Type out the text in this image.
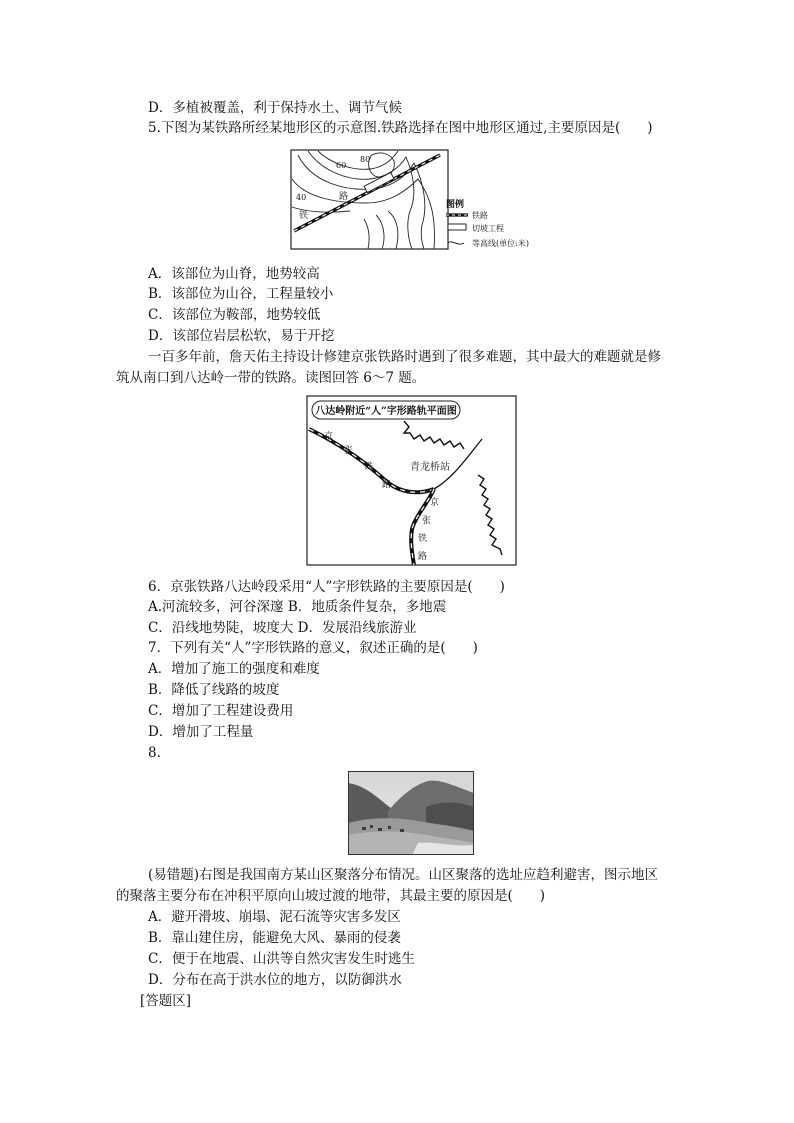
D．多植被覆盖，利于保持水土、调节气候
5.下图为某铁路所经某地形区的示意图.铁路选择在图中地形区通过,主要原因是(　　)
80
60
40
铁
路
图例
铁路
切坡工程
等高线(单位:米)
A．该部位为山脊，地势较高
B．该部位为山谷，工程量较小
C．该部位为鞍部，地势较低
D．该部位岩层松软，易于开挖
一百多年前，詹天佑主持设计修建京张铁路时遇到了很多难题，其中最大的难题就是修
筑从南口到八达岭一带的铁路。读图回答 6～7 题。
八达岭附近“人”字形路轨平面图
青龙桥站
京
张
铁
路
京
张
铁
路
6．京张铁路八达岭段采用“人”字形铁路的主要原因是(　　)
A.河流较多，河谷深邃 B．地质条件复杂，多地震
C．沿线地势陡，坡度大 D．发展沿线旅游业
7．下列有关“人”字形铁路的意义，叙述正确的是(　　)
A．增加了施工的强度和难度
B．降低了线路的坡度
C．增加了工程建设费用
D．增加了工程量
8.
(易错题)右图是我国南方某山区聚落分布情况。山区聚落的选址应趋利避害，图示地区
的聚落主要分布在冲积平原向山坡过渡的地带，其最主要的原因是(　　)
A．避开滑坡、崩塌、泥石流等灾害多发区
B．靠山建住房，能避免大风、暴雨的侵袭
C．便于在地震、山洪等自然灾害发生时逃生
D．分布在高于洪水位的地方，以防御洪水
[答题区]
